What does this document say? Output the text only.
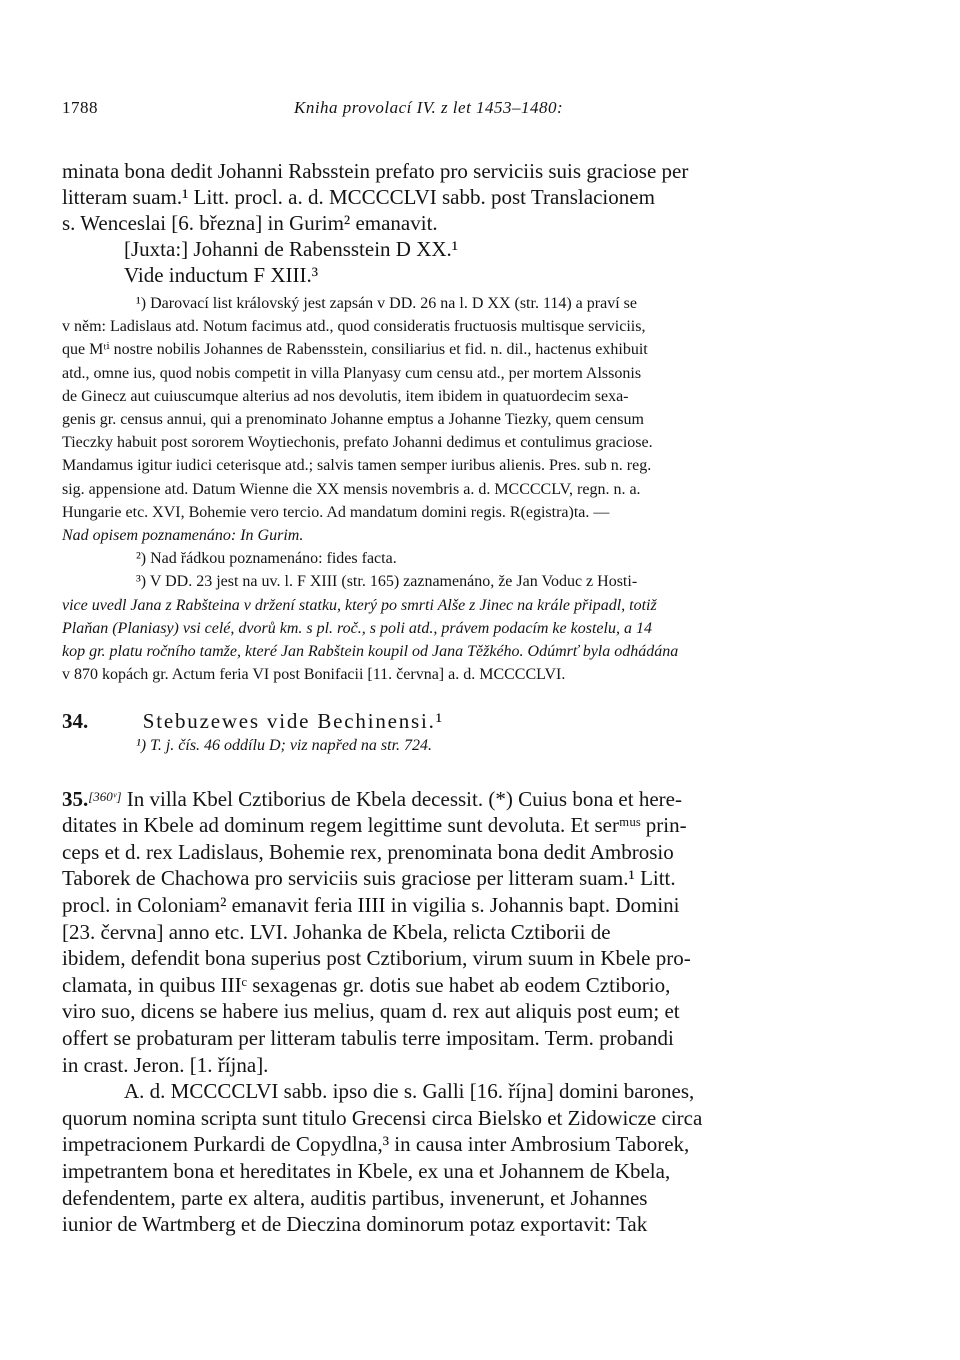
1788	Kniha provolací IV. z let 1453–1480:
minata bona dedit Johanni Rabsstein prefato pro serviciis suis graciose per
litteram suam.¹ Litt. procl. a. d. MCCCCLVI sabb. post Translacionem
s. Wenceslai [6. března] in Gurim² emanavit.
[Juxta:] Johanni de Rabensstein D XX.¹
Vide inductum F XIII.³
¹) Darovací list královský jest zapsán v DD. 26 na l. D XX (str. 114) a praví se
v něm: Ladislaus atd. Notum facimus atd., quod consideratis fructuosis multisque serviciis,
que Mᵗⁱ nostre nobilis Johannes de Rabensstein, consiliarius et fid. n. dil., hactenus exhibuit
atd., omne ius, quod nobis competit in villa Planyasy cum censu atd., per mortem Alssonis
de Ginecz aut cuiuscumque alterius ad nos devolutis, item ibidem in quatuordecim sexa-
genis gr. census annui, qui a prenominato Johanne emptus a Johanne Tiezky, quem censum
Tieczky habuit post sororem Woytiechonis, prefato Johanni dedimus et contulimus graciose.
Mandamus igitur iudici ceterisque atd.; salvis tamen semper iuribus alienis. Pres. sub n. reg.
sig. appensione atd. Datum Wienne die XX mensis novembris a. d. MCCCCLV, regn. n. a.
Hungarie etc. XVI, Bohemie vero tercio. Ad mandatum domini regis. R(egistra)ta. —
Nad opisem poznamenáno: In Gurim.
²) Nad řádkou poznamenáno: fides facta.
³) V DD. 23 jest na uv. l. F XIII (str. 165) zaznamenáno, že Jan Voduc z Hosti-
vice uvedl Jana z Rabšteina v držení statku, který po smrti Alše z Jinec na krále připadl, totiž
Plaňan (Planiasy) vsi celé, dvorů km. s pl. roč., s poli atd., právem podacím ke kostelu, a 14
kop gr. platu ročního tamže, které Jan Rabštein koupil od Jana Těžkého. Odúmrť byla odhádána
v 870 kopách gr. Actum feria VI post Bonifacii [11. června] a. d. MCCCCLVI.
34.	Stebuzewes vide Bechinensi.¹
¹) T. j. čís. 46 oddílu D; viz napřed na str. 724.
35.[360ᵛ] In villa Kbel Cztiborius de Kbela decessit. (*) Cuius bona et here-
ditates in Kbele ad dominum regem legittime sunt devoluta. Et serᵐᵘˢ prin-
ceps et d. rex Ladislaus, Bohemie rex, prenominata bona dedit Ambrosio
Taborek de Chachowa pro serviciis suis graciose per litteram suam.¹ Litt.
procl. in Coloniam² emanavit feria IIII in vigilia s. Johannis bapt. Domini
[23. června] anno etc. LVI. Johanka de Kbela, relicta Cztiborii de
ibidem, defendit bona superius post Cztiborium, virum suum in Kbele pro-
clamata, in quibus IIIᶜ sexagenas gr. dotis sue habet ab eodem Cztiborio,
viro suo, dicens se habere ius melius, quam d. rex aut aliquis post eum; et
offert se probaturam per litteram tabulis terre impositam. Term. probandi
in crast. Jeron. [1. října].
A. d. MCCCCLVI sabb. ipso die s. Galli [16. října] domini barones,
quorum nomina scripta sunt titulo Grecensi circa Bielsko et Zidowicze circa
impetracionem Purkardi de Copydlna,³ in causa inter Ambrosium Taborek,
impetrantem bona et hereditates in Kbele, ex una et Johannem de Kbela,
defendentem, parte ex altera, auditis partibus, invenerunt, et Johannes
iunior de Wartmberg et de Dieczina dominorum potaz exportavit: Tak
